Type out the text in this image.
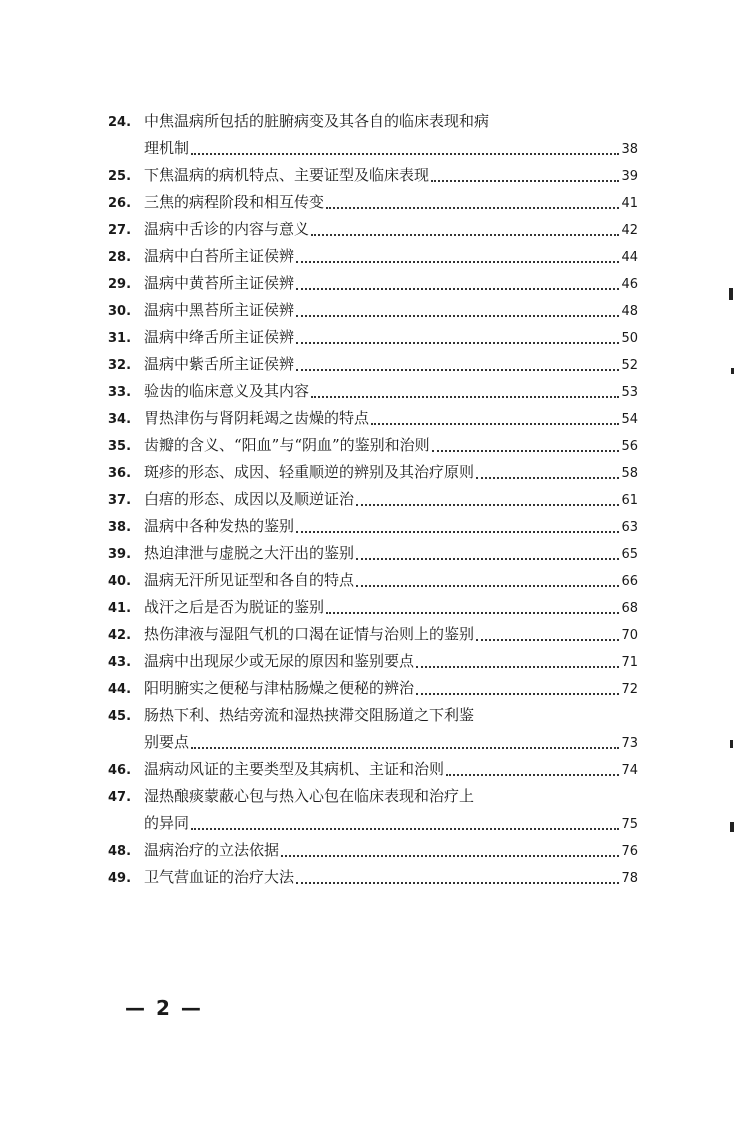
24. 中焦温病所包括的脏腑病变及其各自的临床表现和病
理机制	38
25. 下焦温病的病机特点、主要证型及临床表现	39
26. 三焦的病程阶段和相互传变	41
27. 温病中舌诊的内容与意义	42
28. 温病中白苔所主证侯辨	44
29. 温病中黄苔所主证侯辨	46
30. 温病中黑苔所主证侯辨	48
31. 温病中绛舌所主证侯辨	50
32. 温病中紫舌所主证侯辨	52
33. 验齿的临床意义及其内容	53
34. 胃热津伤与肾阴耗竭之齿燥的特点	54
35. 齿瓣的含义、“阳血”与“阴血”的鉴别和治则	56
36. 斑疹的形态、成因、轻重顺逆的辨别及其治疗原则	58
37. 白痦的形态、成因以及顺逆证治	61
38. 温病中各种发热的鉴别	63
39. 热迫津泄与虚脱之大汗出的鉴别	65
40. 温病无汗所见证型和各自的特点	66
41. 战汗之后是否为脱证的鉴别	68
42. 热伤津液与湿阻气机的口渴在证情与治则上的鉴别	70
43. 温病中出现尿少或无尿的原因和鉴别要点	71
44. 阳明腑实之便秘与津枯肠燥之便秘的辨治	72
45. 肠热下利、热结旁流和湿热挟滞交阻肠道之下利鉴
别要点	73
46. 温病动风证的主要类型及其病机、主证和治则	74
47. 湿热酿痰蒙蔽心包与热入心包在临床表现和治疗上
的异同	75
48. 温病治疗的立法依据	76
49. 卫气营血证的治疗大法	78
— 2 —
